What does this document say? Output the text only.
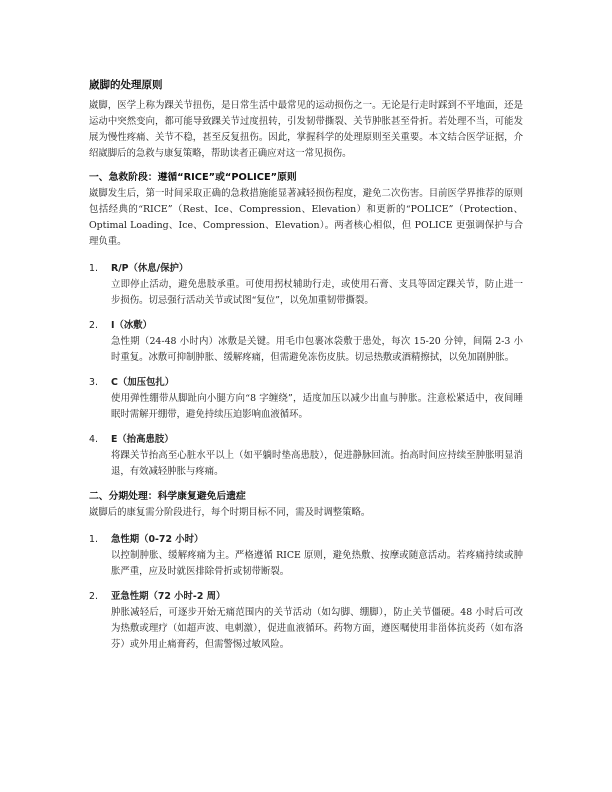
崴脚的处理原则

崴脚，医学上称为踝关节扭伤，是日常生活中最常见的运动损伤之一。无论是行走时踩到不平地面，还是运动中突然变向，都可能导致踝关节过度扭转，引发韧带撕裂、关节肿胀甚至骨折。若处理不当，可能发展为慢性疼痛、关节不稳，甚至反复扭伤。因此，掌握科学的处理原则至关重要。本文结合医学证据，介绍崴脚后的急救与康复策略，帮助读者正确应对这一常见损伤。

一、急救阶段：遵循“RICE”或“POLICE”原则

崴脚发生后，第一时间采取正确的急救措施能显著减轻损伤程度，避免二次伤害。目前医学界推荐的原则包括经典的“RICE”（Rest、Ice、Compression、Elevation）和更新的“POLICE”（Protection、Optimal Loading、Ice、Compression、Elevation）。两者核心相似，但 POLICE 更强调保护与合理负重。

1. R/P（休息/保护）
立即停止活动，避免患肢承重。可使用拐杖辅助行走，或使用石膏、支具等固定踝关节，防止进一步损伤。切忌强行活动关节或试图“复位”，以免加重韧带撕裂。
2. I（冰敷）
急性期（24-48 小时内）冰敷是关键。用毛巾包裹冰袋敷于患处，每次 15-20 分钟，间隔 2-3 小时重复。冰敷可抑制肿胀、缓解疼痛，但需避免冻伤皮肤。切忌热敷或酒精擦拭，以免加剧肿胀。
3. C（加压包扎）
使用弹性绷带从脚趾向小腿方向“8 字缠绕”，适度加压以减少出血与肿胀。注意松紧适中，夜间睡眠时需解开绷带，避免持续压迫影响血液循环。
4. E（抬高患肢）
将踝关节抬高至心脏水平以上（如平躺时垫高患肢），促进静脉回流。抬高时间应持续至肿胀明显消退，有效减轻肿胀与疼痛。
二、分期处理：科学康复避免后遗症

崴脚后的康复需分阶段进行，每个时期目标不同，需及时调整策略。

1. 急性期（0-72 小时）
以控制肿胀、缓解疼痛为主。严格遵循 RICE 原则，避免热敷、按摩或随意活动。若疼痛持续或肿胀严重，应及时就医排除骨折或韧带断裂。
2. 亚急性期（72 小时-2 周）
肿胀减轻后，可逐步开始无痛范围内的关节活动（如勾脚、绷脚），防止关节僵硬。48 小时后可改为热敷或理疗（如超声波、电刺激），促进血液循环。药物方面，遵医嘱使用非甾体抗炎药（如布洛芬）或外用止痛膏药，但需警惕过敏风险。
